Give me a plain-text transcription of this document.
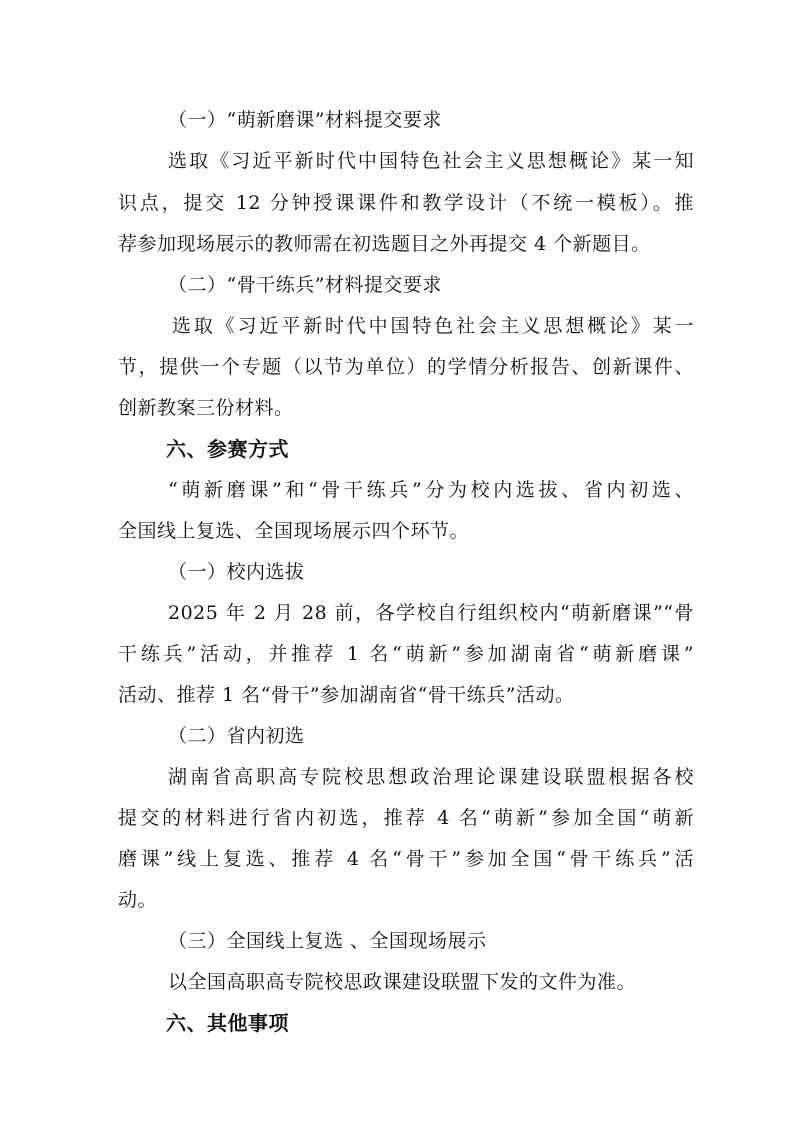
（一）“萌新磨课”材料提交要求
选取《习近平新时代中国特色社会主义思想概论》某一知
识点，提交 12 分钟授课课件和教学设计（不统一模板）。推
荐参加现场展示的教师需在初选题目之外再提交 4 个新题目。
（二）“骨干练兵”材料提交要求
选取《习近平新时代中国特色社会主义思想概论》某一
节，提供一个专题（以节为单位）的学情分析报告、创新课件、
创新教案三份材料。
六、参赛方式
“萌新磨课”和“骨干练兵”分为校内选拔、省内初选、
全国线上复选、全国现场展示四个环节。
（一）校内选拔
2025 年 2 月 28 前，各学校自行组织校内“萌新磨课”“骨
干练兵”活动，并推荐 1 名“萌新”参加湖南省“萌新磨课”
活动、推荐 1 名“骨干”参加湖南省“骨干练兵”活动。
（二）省内初选
湖南省高职高专院校思想政治理论课建设联盟根据各校
提交的材料进行省内初选，推荐 4 名“萌新”参加全国“萌新
磨课”线上复选、推荐 4 名“骨干”参加全国“骨干练兵”活
动。
（三）全国线上复选 、全国现场展示
以全国高职高专院校思政课建设联盟下发的文件为准。
六、其他事项
